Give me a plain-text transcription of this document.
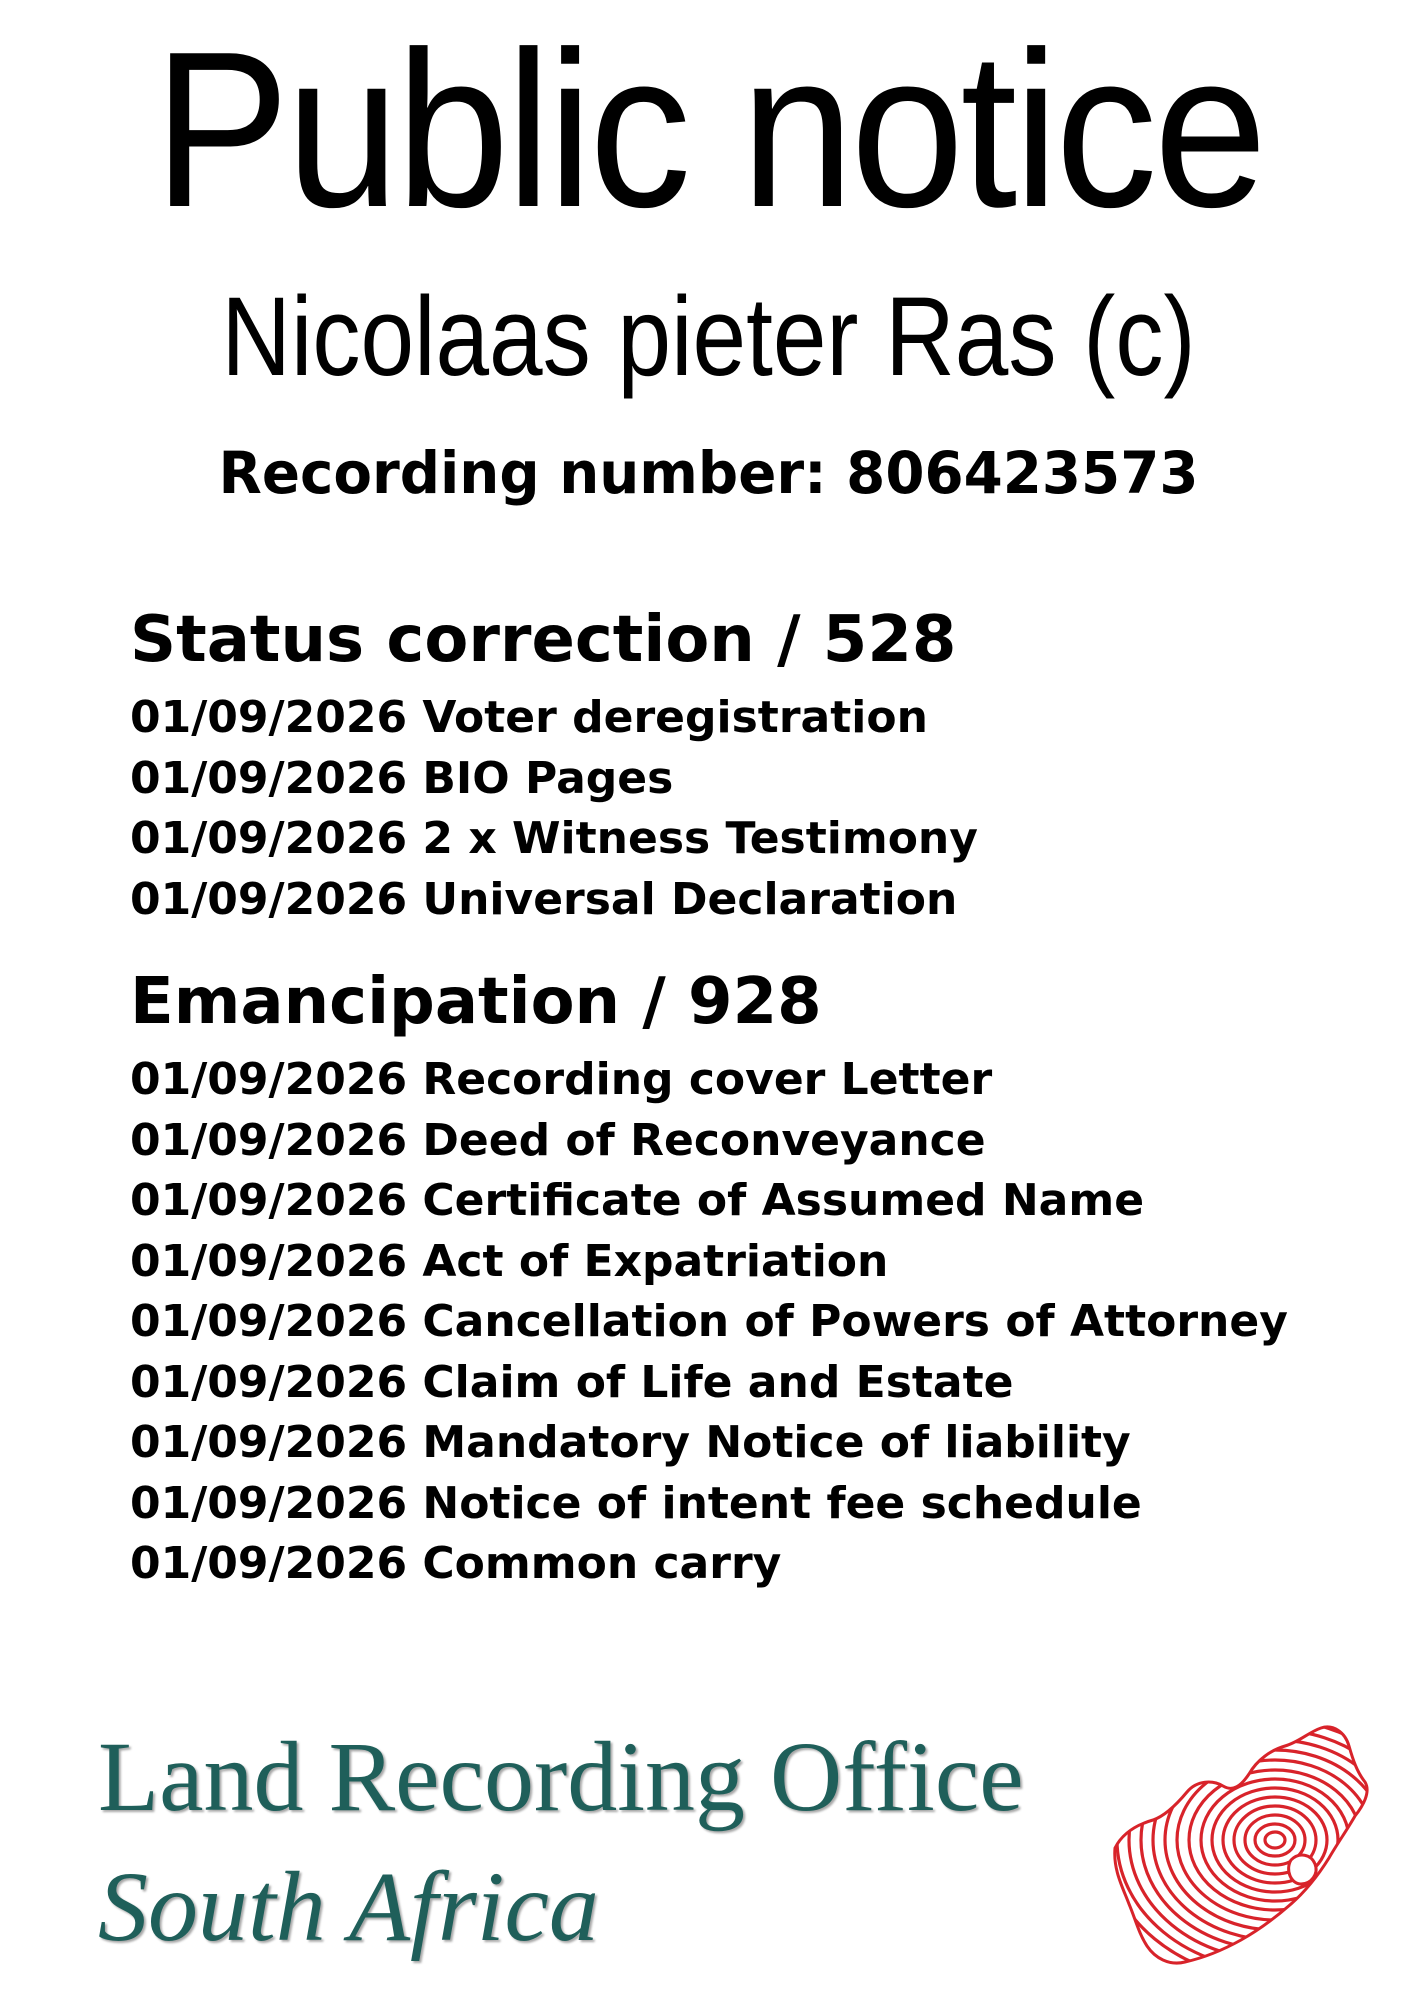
Public notice
Nicolaas pieter Ras (c)

Recording number: 806423573

Status correction / 528
01/09/2026 Voter deregistration
01/09/2026 BIO Pages
01/09/2026 2 x Witness Testimony
01/09/2026 Universal Declaration
Emancipation / 928
01/09/2026 Recording cover Letter
01/09/2026 Deed of Reconveyance
01/09/2026 Certificate of Assumed Name
01/09/2026 Act of Expatriation
01/09/2026 Cancellation of Powers of Attorney
01/09/2026 Claim of Life and Estate
01/09/2026 Mandatory Notice of liability
01/09/2026 Notice of intent fee schedule
01/09/2026 Common carry

Land Recording Office

South Africa
